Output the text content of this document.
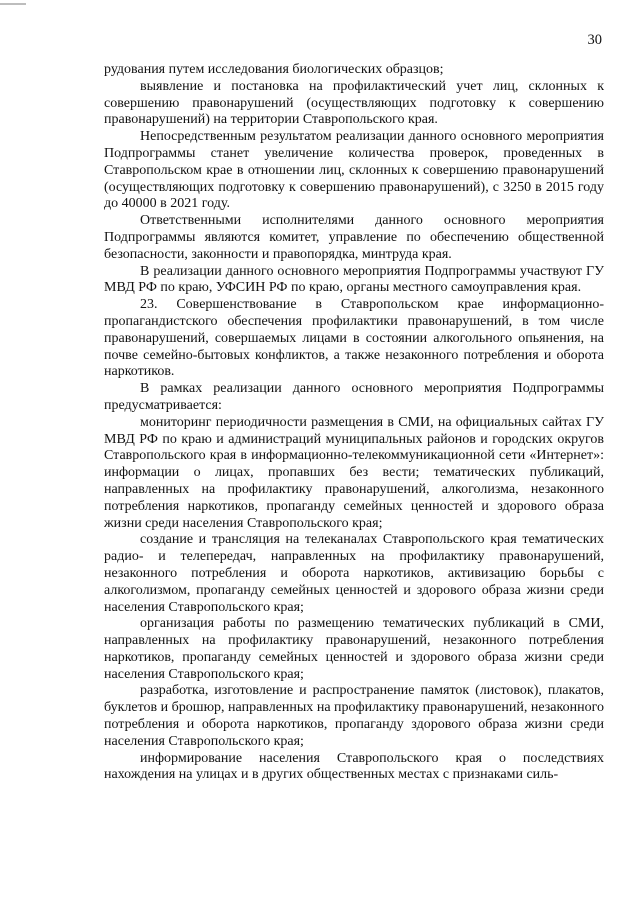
30

рудования путем исследования биологических образцов;

выявление и постановка на профилактический учет лиц, склонных к совершению правонарушений (осуществляющих подготовку к совершению правонарушений) на территории Ставропольского края.

Непосредственным результатом реализации данного основного мероприятия Подпрограммы станет увеличение количества проверок, проведенных в Ставропольском крае в отношении лиц, склонных к совершению правонарушений (осуществляющих подготовку к совершению правонарушений), с 3250 в 2015 году до 40000 в 2021 году.

Ответственными исполнителями данного основного мероприятия Подпрограммы являются комитет, управление по обеспечению общественной безопасности, законности и правопорядка, минтруда края.

В реализации данного основного мероприятия Подпрограммы участвуют ГУ МВД РФ по краю, УФСИН РФ по краю, органы местного самоуправления края.

23. Совершенствование в Ставропольском крае информационно-пропагандистского обеспечения профилактики правонарушений, в том числе правонарушений, совершаемых лицами в состоянии алкогольного опьянения, на почве семейно-бытовых конфликтов, а также незаконного потребления и оборота наркотиков.

В рамках реализации данного основного мероприятия Подпрограммы предусматривается:

мониторинг периодичности размещения в СМИ, на официальных сайтах ГУ МВД РФ по краю и администраций муниципальных районов и городских округов Ставропольского края в информационно-телекоммуникационной сети «Интернет»: информации о лицах, пропавших без вести; тематических публикаций, направленных на профилактику правонарушений, алкоголизма, незаконного потребления наркотиков, пропаганду семейных ценностей и здорового образа жизни среди населения Ставропольского края;

создание и трансляция на телеканалах Ставропольского края тематических радио- и телепередач, направленных на профилактику правонарушений, незаконного потребления и оборота наркотиков, активизацию борьбы с алкоголизмом, пропаганду семейных ценностей и здорового образа жизни среди населения Ставропольского края;

организация работы по размещению тематических публикаций в СМИ, направленных на профилактику правонарушений, незаконного потребления наркотиков, пропаганду семейных ценностей и здорового образа жизни среди населения Ставропольского края;

разработка, изготовление и распространение памяток (листовок), плакатов, буклетов и брошюр, направленных на профилактику правонарушений, незаконного потребления и оборота наркотиков, пропаганду здорового образа жизни среди населения Ставропольского края;

информирование населения Ставропольского края о последствиях нахождения на улицах и в других общественных местах с признаками силь-
